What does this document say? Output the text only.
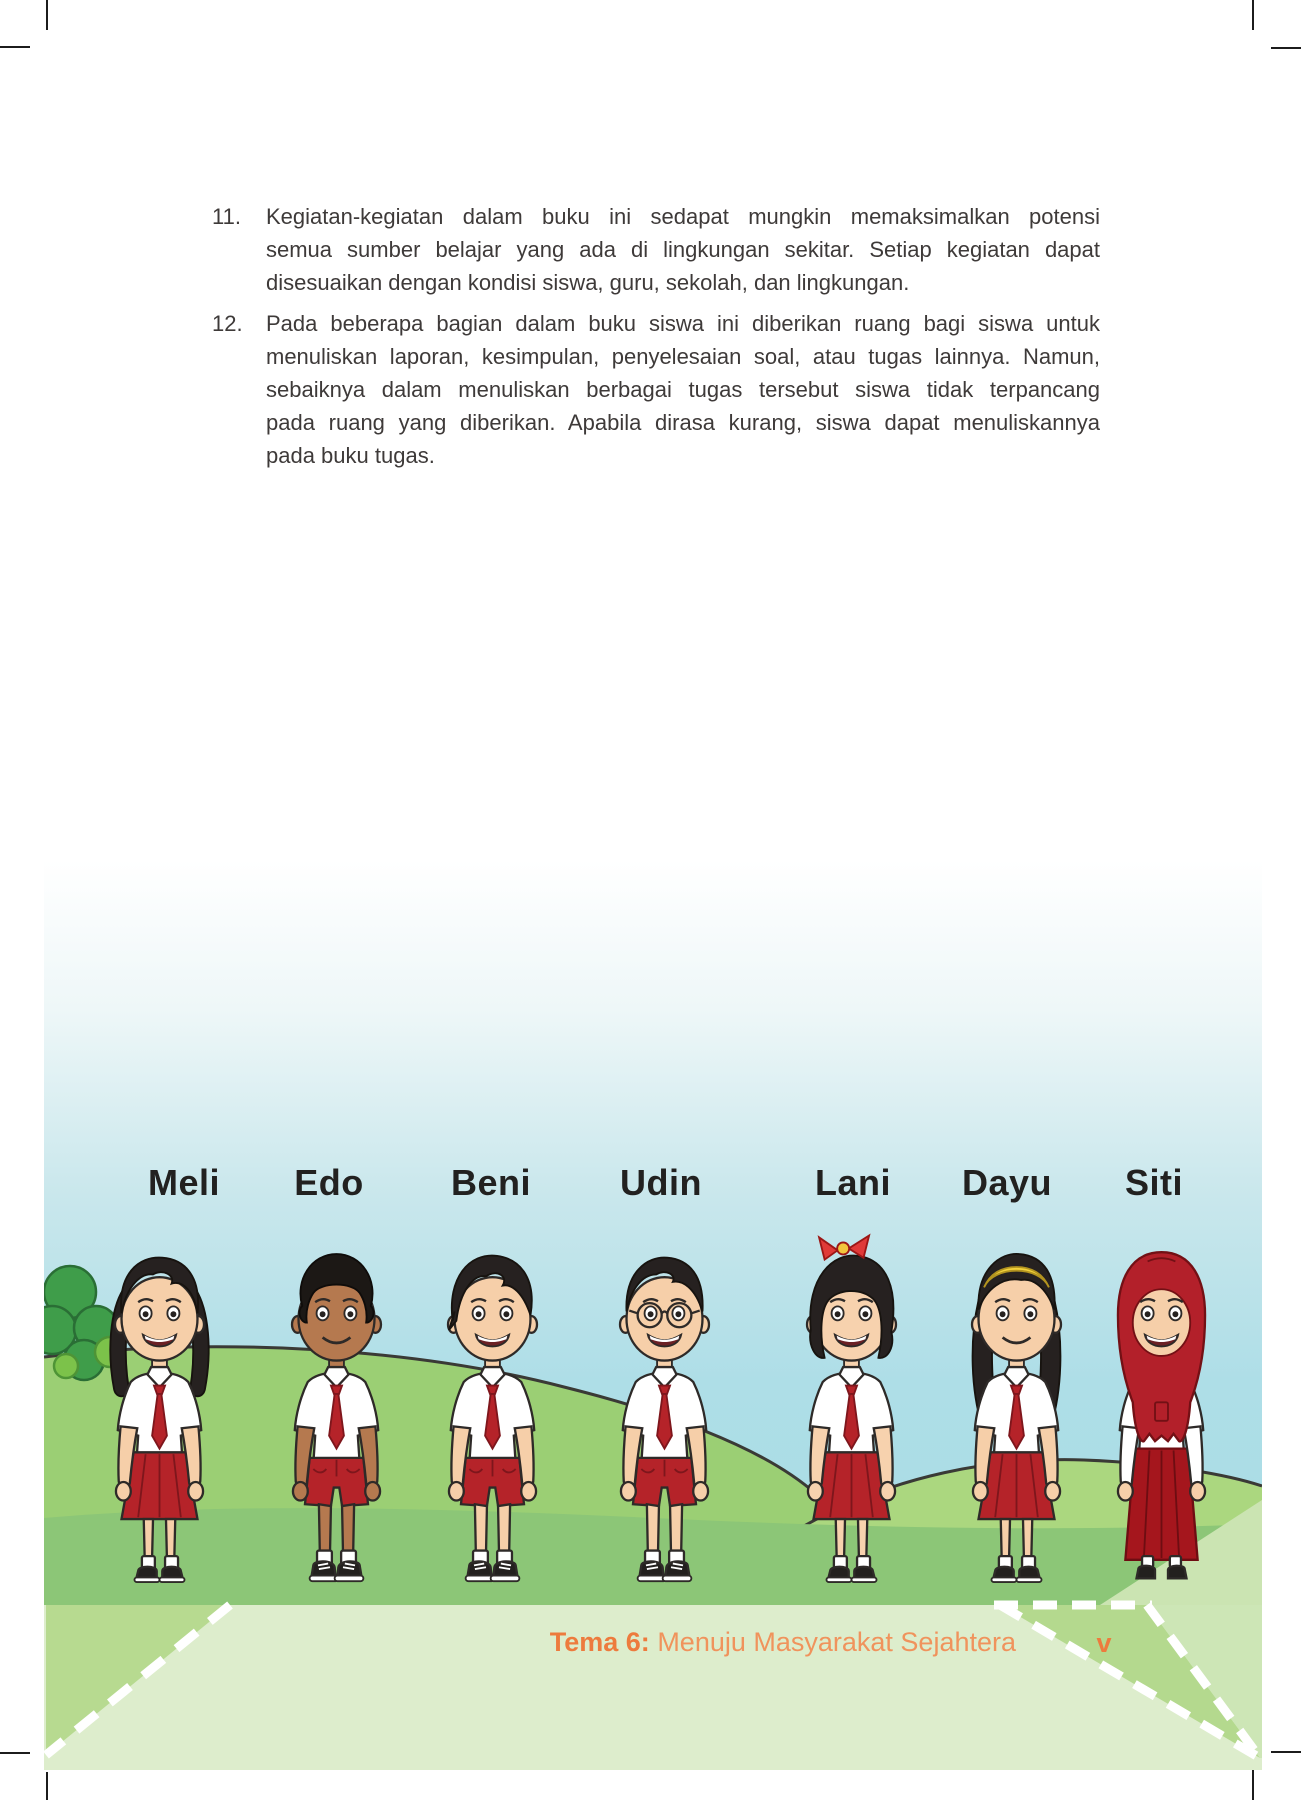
11.	Kegiatan-kegiatan dalam buku ini sedapat mungkin memaksimalkan potensi
semua sumber belajar yang ada di lingkungan sekitar. Setiap kegiatan dapat
disesuaikan dengan kondisi siswa, guru, sekolah, dan lingkungan.
12.	Pada beberapa bagian dalam buku siswa ini diberikan ruang bagi siswa untuk
menuliskan laporan, kesimpulan, penyelesaian soal, atau tugas lainnya. Namun,
sebaiknya dalam menuliskan berbagai tugas tersebut siswa tidak terpancang
pada ruang yang diberikan. Apabila dirasa kurang, siswa dapat menuliskannya
pada buku tugas.
Meli	Edo	Beni	Udin	Lani	Dayu	Siti
Tema 6: Menuju Masyarakat Sejahtera	v
